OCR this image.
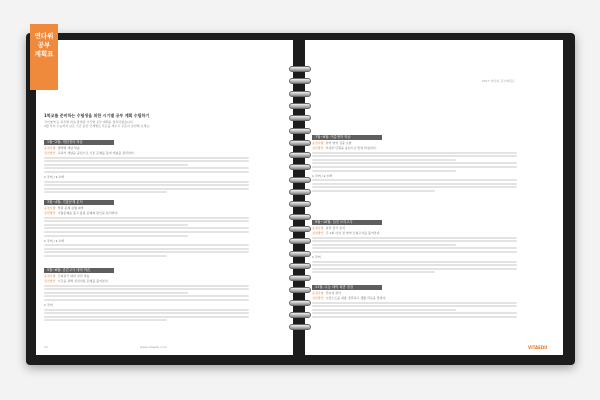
연다위
공부
계획표
1학교를 준비하는 수험생을 위한 시기별 공부 계획 수립하기
국어영역 등 과목별 학습 방법과 시기별 공부 계획을 정리하였습니다.
3월 부터 수능까지 남은 기간 동안 단계별로 목표를 세우고 꾸준히 실천해 보세요.
2017 연다위 공부계획표
1월~2월: 개념정리 학습
중점사항 영역별 개념 학습
실천방안 교과서 개념을 중심으로 기본 문제를 풀며 개념을 정리한다.
1 국어 / 2 수학
3월~4월: 기출문제 분석
중점사항 학평 문제 유형 파악
실천방안 기출문제를 풀고 틀린 문제의 원인을 분석한다.
1 국어 / 2 수학
5월~6월: 중간고사 대비 학습
중점사항 모의평가 대비 실전 연습
실천방안 시간을 정해 실전처럼 문제를 풀어본다.
1 국어
7월~8월: 여름방학 학습
중점사항 취약 영역 집중 보완
실천방안 부족한 단원을 중심으로 반복 학습한다.
1 국어 / 2 수학
9월~10월: 실전 모의고사
중점사항 실전 감각 유지
실천방안 주 1회 이상 전 영역 모의고사를 풀어본다.
1 국어
11월: 수능 대비 최종 점검
중점사항 컨디션 관리
실천방안 오답노트를 최종 정리하고 생활 리듬을 맞춘다.
12	www.vitaedu.com	VITAEDU
